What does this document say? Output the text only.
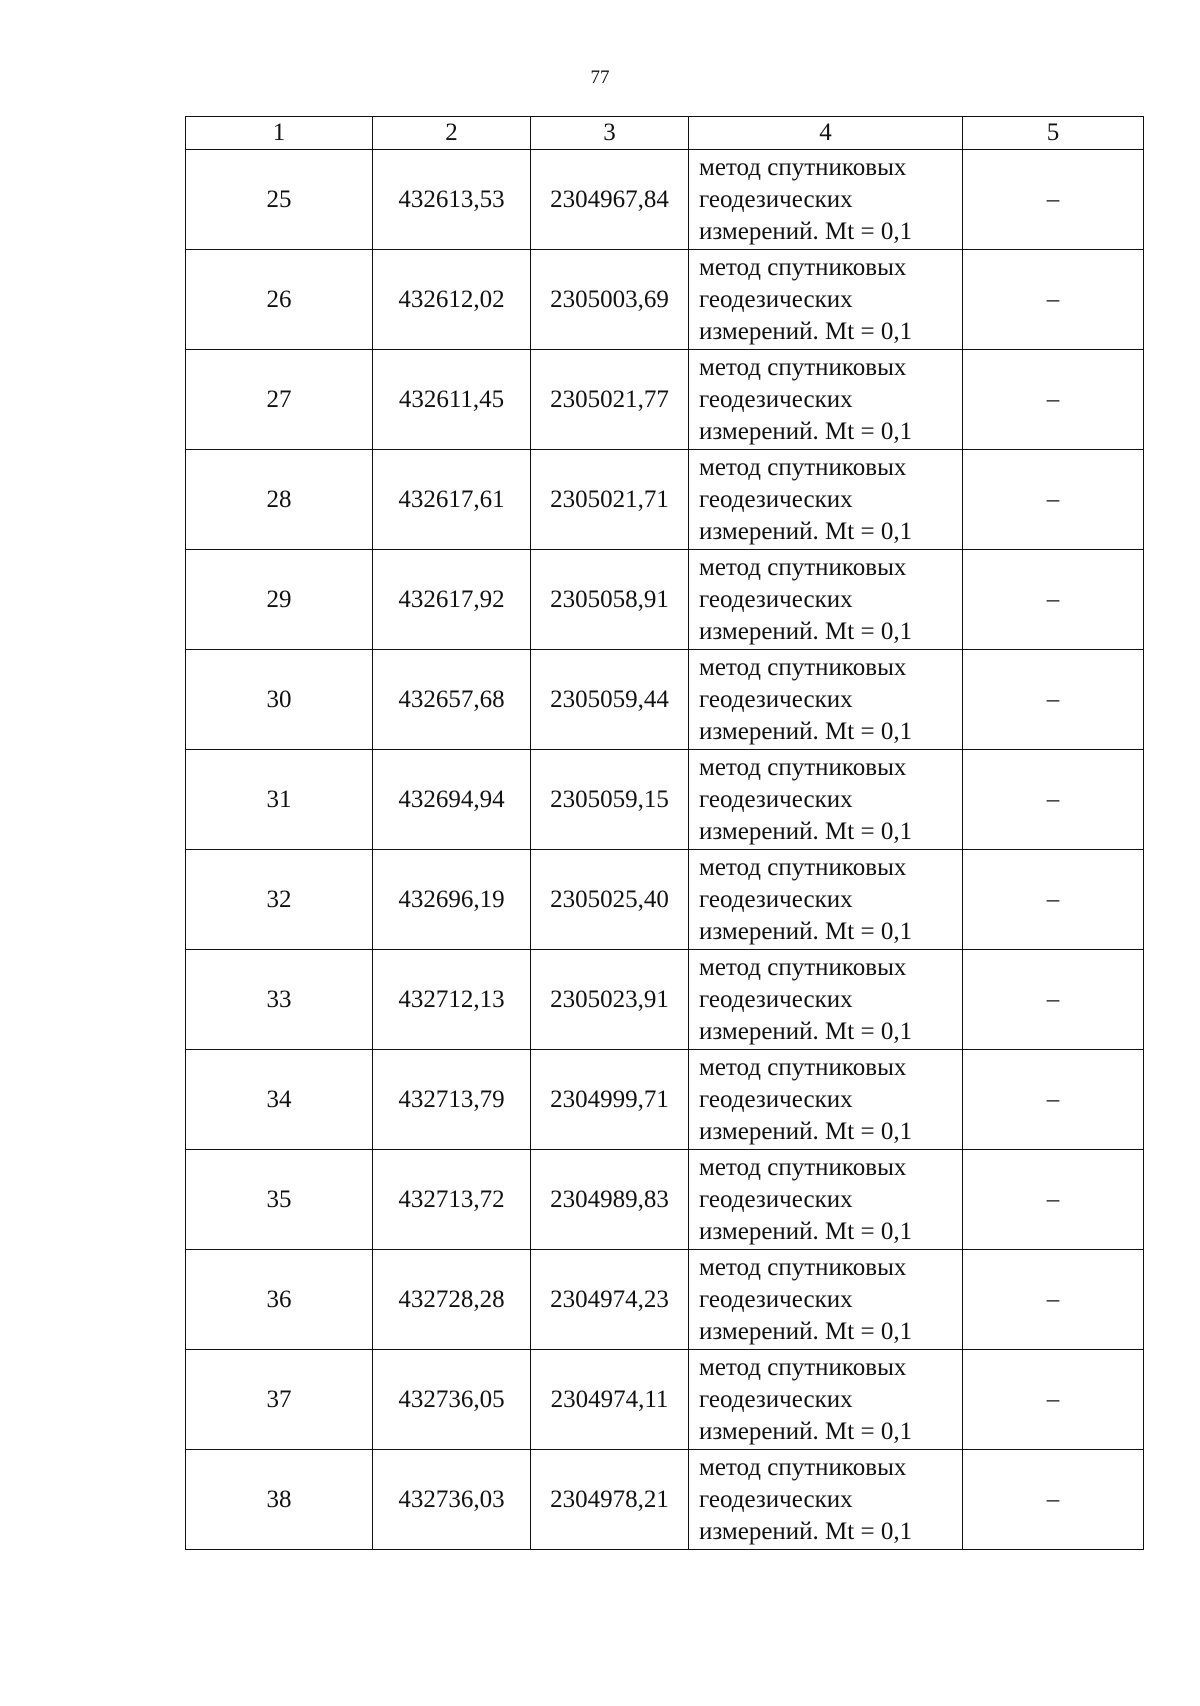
77
1	2	3	4	5
25	432613,53	2304967,84	метод спутниковых
геодезических
измерений. Mt = 0,1	–
26	432612,02	2305003,69	метод спутниковых
геодезических
измерений. Mt = 0,1	–
27	432611,45	2305021,77	метод спутниковых
геодезических
измерений. Mt = 0,1	–
28	432617,61	2305021,71	метод спутниковых
геодезических
измерений. Mt = 0,1	–
29	432617,92	2305058,91	метод спутниковых
геодезических
измерений. Mt = 0,1	–
30	432657,68	2305059,44	метод спутниковых
геодезических
измерений. Mt = 0,1	–
31	432694,94	2305059,15	метод спутниковых
геодезических
измерений. Mt = 0,1	–
32	432696,19	2305025,40	метод спутниковых
геодезических
измерений. Mt = 0,1	–
33	432712,13	2305023,91	метод спутниковых
геодезических
измерений. Mt = 0,1	–
34	432713,79	2304999,71	метод спутниковых
геодезических
измерений. Mt = 0,1	–
35	432713,72	2304989,83	метод спутниковых
геодезических
измерений. Mt = 0,1	–
36	432728,28	2304974,23	метод спутниковых
геодезических
измерений. Mt = 0,1	–
37	432736,05	2304974,11	метод спутниковых
геодезических
измерений. Mt = 0,1	–
38	432736,03	2304978,21	метод спутниковых
геодезических
измерений. Mt = 0,1	–
